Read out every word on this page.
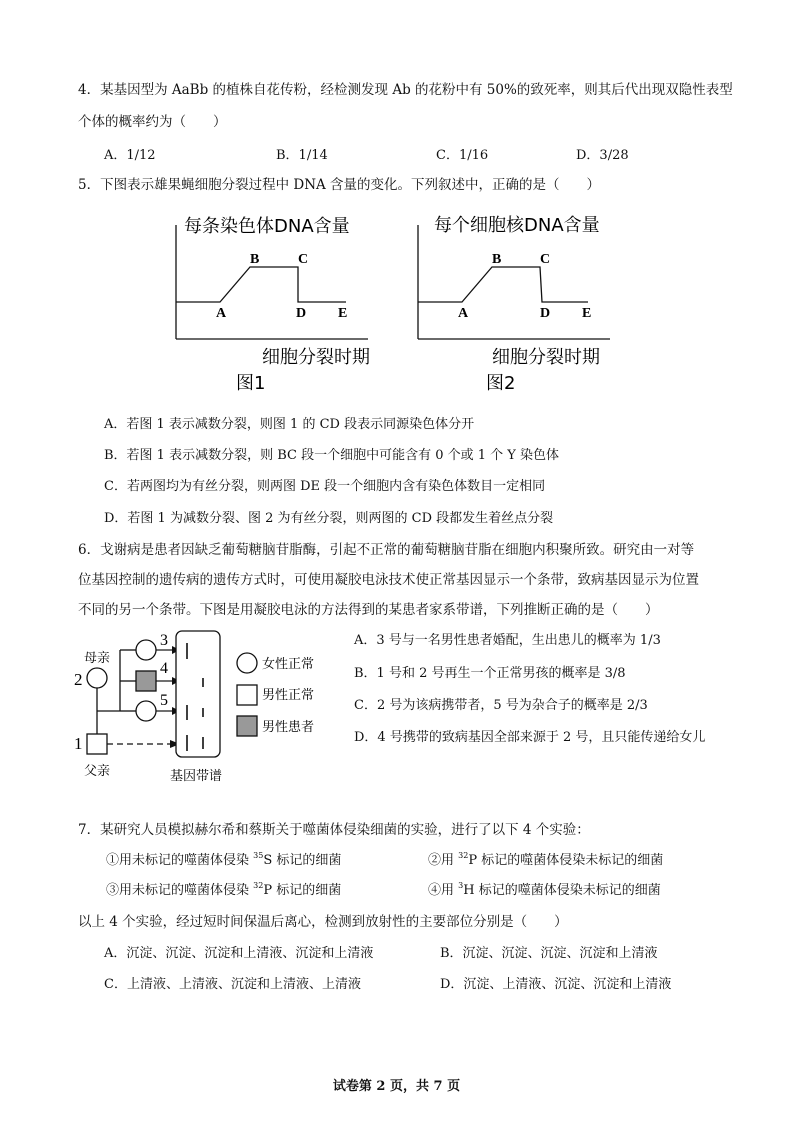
4．某基因型为 AaBb 的植株自花传粉，经检测发现 Ab 的花粉中有 50%的致死率，则其后代出现双隐性表型
个体的概率约为（　　）
A．1/12	B．1/14	C．1/16	D．3/28
5．下图表示雄果蝇细胞分裂过程中 DNA 含量的变化。下列叙述中，正确的是（　　）
每条染色体DNA含量
A
B	C
D E
细胞分裂时期
图1
每个细胞核DNA含量
A
B	C
D E
细胞分裂时期
图2
A．若图 1 表示减数分裂，则图 1 的 CD 段表示同源染色体分开
B．若图 1 表示减数分裂，则 BC 段一个细胞中可能含有 0 个或 1 个 Y 染色体
C．若两图均为有丝分裂，则两图 DE 段一个细胞内含有染色体数目一定相同
D．若图 1 为减数分裂、图 2 为有丝分裂，则两图的 CD 段都发生着丝点分裂
6．戈谢病是患者因缺乏葡萄糖脑苷脂酶，引起不正常的葡萄糖脑苷脂在细胞内积聚所致。研究由一对等
位基因控制的遗传病的遗传方式时，可使用凝胶电泳技术使正常基因显示一个条带，致病基因显示为位置
不同的另一个条带。下图是用凝胶电泳的方法得到的某患者家系带谱，下列推断正确的是（　　）
母亲
2
1
父亲
3
4
5
基因带谱
女性正常
男性正常
男性患者
A．3 号与一名男性患者婚配，生出患儿的概率为 1/3
B．1 号和 2 号再生一个正常男孩的概率是 3/8
C．2 号为该病携带者，5 号为杂合子的概率是 2/3
D．4 号携带的致病基因全部来源于 2 号，且只能传递给女儿
7．某研究人员模拟赫尔希和蔡斯关于噬菌体侵染细菌的实验，进行了以下 4 个实验：
①用未标记的噬菌体侵染 $^{35}$S 标记的细菌	②用 $^{32}$P 标记的噬菌体侵染未标记的细菌
③用未标记的噬菌体侵染 $^{32}$P 标记的细菌	④用 $^3$H 标记的噬菌体侵染未标记的细菌
以上 4 个实验，经过短时间保温后离心，检测到放射性的主要部位分别是（　　）
A．沉淀、沉淀、沉淀和上清液、沉淀和上清液	B．沉淀、沉淀、沉淀、沉淀和上清液
C．上清液、上清液、沉淀和上清液、上清液	D．沉淀、上清液、沉淀、沉淀和上清液
试卷第 2 页，共 7 页
